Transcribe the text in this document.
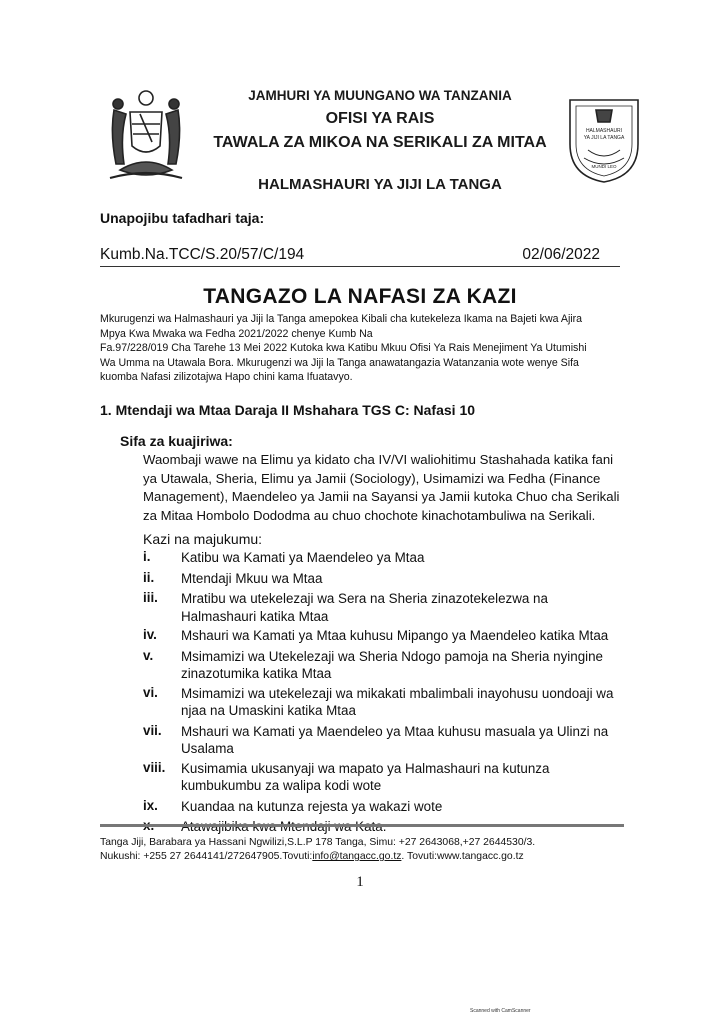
HALMASHAURI
YA JIJI LA TANGA
MUNDI LEO
JAMHURI YA MUUNGANO WA TANZANIA
OFISI YA RAIS
TAWALA ZA MIKOA NA SERIKALI ZA MITAA
HALMASHAURI YA JIJI LA TANGA
Unapojibu tafadhari taja:
Kumb.Na.TCC/S.20/57/C/194	02/06/2022
TANGAZO LA NAFASI ZA KAZI
Mkurugenzi wa Halmashauri ya Jiji la Tanga amepokea Kibali cha kutekeleza Ikama na Bajeti kwa Ajira
Mpya Kwa Mwaka wa Fedha 2021/2022 chenye Kumb Na
Fa.97/228/019 Cha Tarehe 13 Mei 2022 Kutoka kwa Katibu Mkuu Ofisi Ya Rais Menejiment Ya Utumishi
Wa Umma na Utawala Bora. Mkurugenzi wa Jiji la Tanga anawatangazia Watanzania wote wenye Sifa
kuomba Nafasi zilizotajwa Hapo chini kama Ifuatavyo.
1. Mtendaji wa Mtaa Daraja II Mshahara TGS C: Nafasi 10
Sifa za kuajiriwa:
Waombaji wawe na Elimu ya kidato cha IV/VI waliohitimu Stashahada katika fani
ya Utawala, Sheria, Elimu ya Jamii (Sociology), Usimamizi wa Fedha (Finance
Management), Maendeleo ya Jamii na Sayansi ya Jamii kutoka Chuo cha Serikali
za Mitaa Hombolo Dododma au chuo chochote kinachotambuliwa na Serikali.
Kazi na majukumu:
i. Katibu wa Kamati ya Maendeleo ya Mtaa
ii. Mtendaji Mkuu wa Mtaa
iii. Mratibu wa utekelezaji wa Sera na Sheria zinazotekelezwa na
Halmashauri katika Mtaa
iv. Mshauri wa Kamati ya Mtaa kuhusu Mipango ya Maendeleo katika Mtaa
v. Msimamizi wa Utekelezaji wa Sheria Ndogo pamoja na Sheria nyingine
zinazotumika katika Mtaa
vi. Msimamizi wa utekelezaji wa mikakati mbalimbali inayohusu uondoaji wa
njaa na Umaskini katika Mtaa
vii. Mshauri wa Kamati ya Maendeleo ya Mtaa kuhusu masuala ya Ulinzi na
Usalama
viii. Kusimamia ukusanyaji wa mapato ya Halmashauri na kutunza
kumbukumbu za walipa kodi wote
ix. Kuandaa na kutunza rejesta ya wakazi wote
Tanga Jiji, Barabara ya Hassani Ngwilizi,S.L.P 178 Tanga, Simu: +27 2643068,+27 2644530/3.
Nukushi: +255 27 2644141/272647905.Tovuti:info@tangacc.go.tz. Tovuti:www.tangacc.go.tz
1
Scanned with CamScanner
